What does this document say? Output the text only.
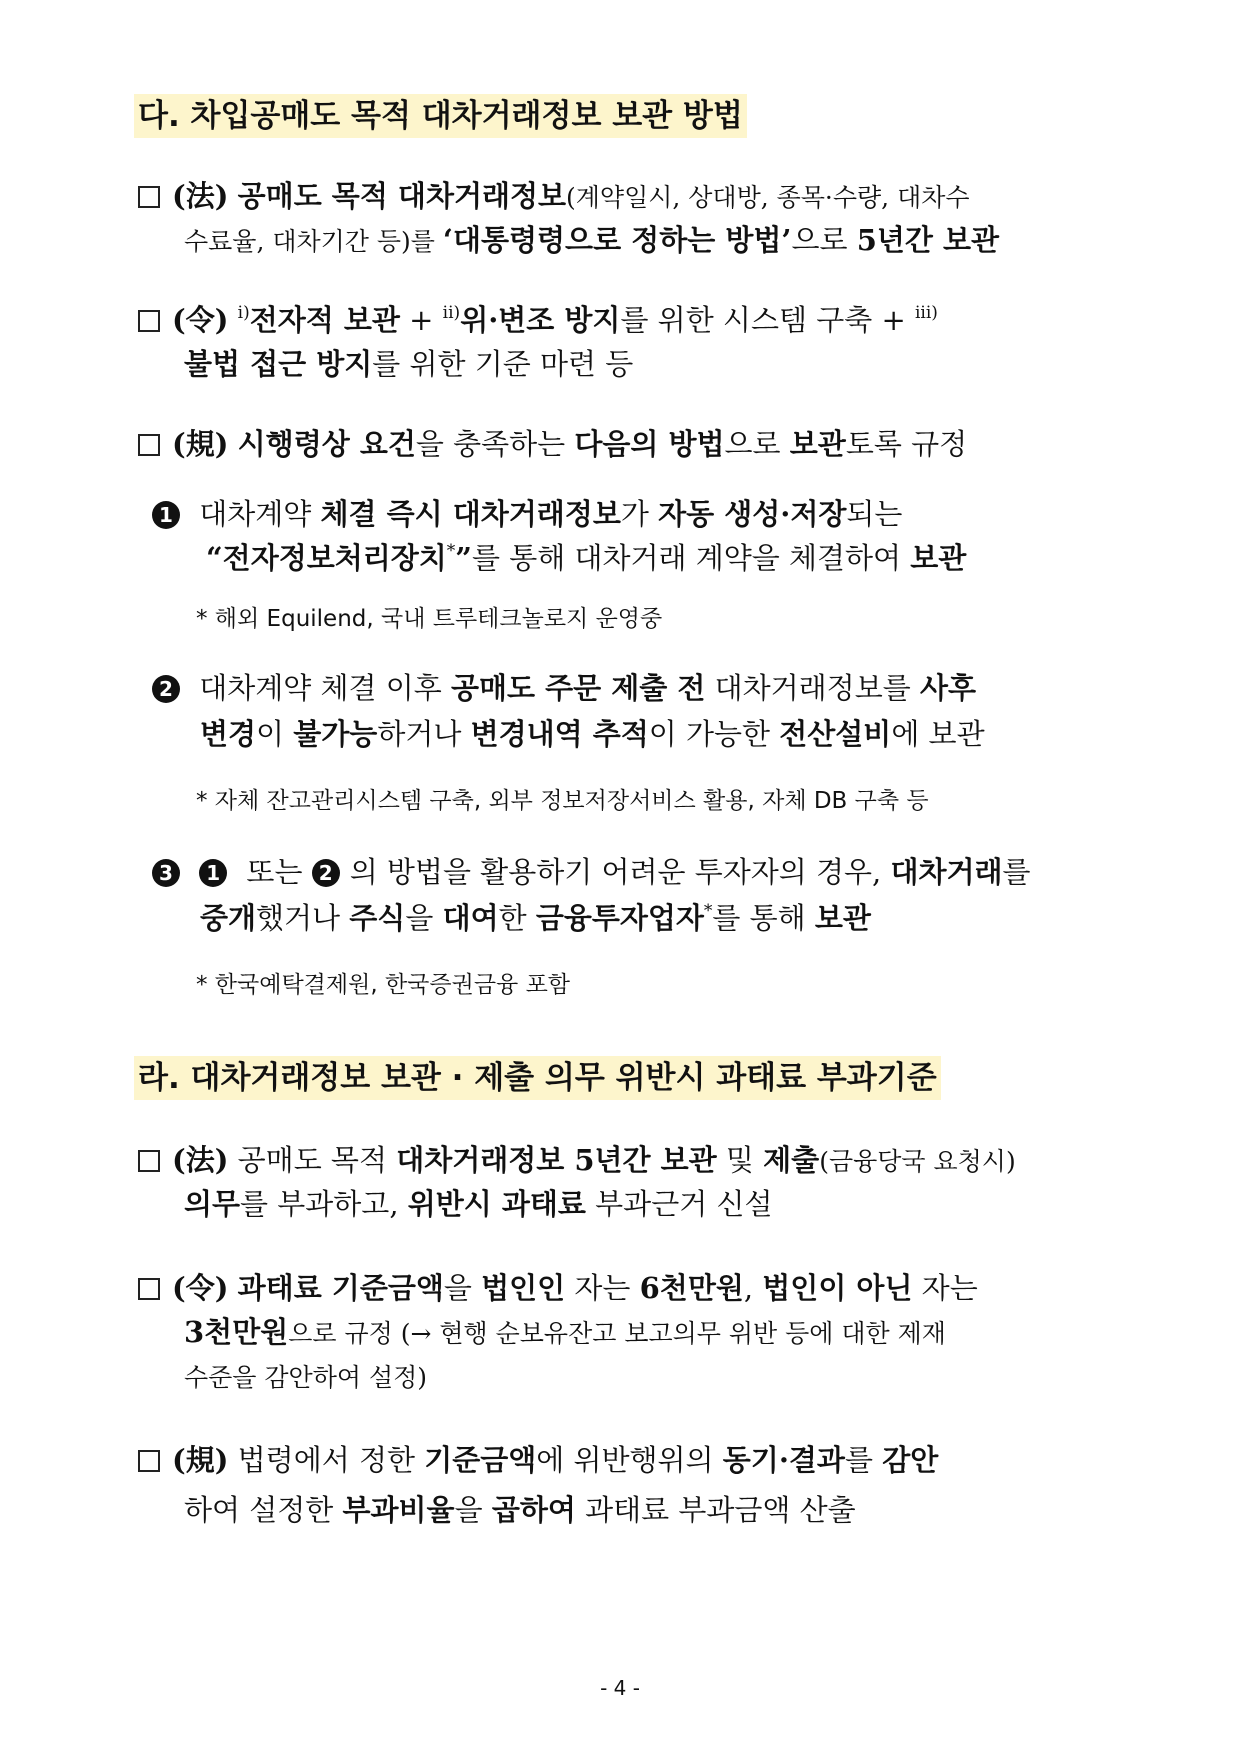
다. 차입공매도 목적 대차거래정보 보관 방법
(法) 공매도 목적 대차거래정보(계약일시, 상대방, 종목·수량, 대차수
수료율, 대차기간 등)를 ‘대통령령으로 정하는 방법’으로 5년간 보관
(令) $^{i)}$전자적 보관 + $^{ii)}$위·변조 방지를 위한 시스템 구축 + $^{iii)}$
불법 접근 방지를 위한 기준 마련 등
(規) 시행령상 요건을 충족하는 다음의 방법으로 보관토록 규정
1 대차계약 체결 즉시 대차거래정보가 자동 생성·저장되는
“전자정보처리장치*”를 통해 대차거래 계약을 체결하여 보관
* 해외 Equilend, 국내 트루테크놀로지 운영중
2 대차계약 체결 이후 공매도 주문 제출 전 대차거래정보를 사후
변경이 불가능하거나 변경내역 추적이 가능한 전산설비에 보관
* 자체 잔고관리시스템 구축, 외부 정보저장서비스 활용, 자체 DB 구축 등
3 1 또는 2 의 방법을 활용하기 어려운 투자자의 경우, 대차거래를
중개했거나 주식을 대여한 금융투자업자*를 통해 보관
* 한국예탁결제원, 한국증권금융 포함
라. 대차거래정보 보관 · 제출 의무 위반시 과태료 부과기준
(法) 공매도 목적 대차거래정보 5년간 보관 및 제출(금융당국 요청시)
의무를 부과하고, 위반시 과태료 부과근거 신설
(令) 과태료 기준금액을 법인인 자는 6천만원, 법인이 아닌 자는
3천만원으로 규정 (→ 현행 순보유잔고 보고의무 위반 등에 대한 제재
수준을 감안하여 설정)
(規) 법령에서 정한 기준금액에 위반행위의 동기·결과를 감안
하여 설정한 부과비율을 곱하여 과태료 부과금액 산출
- 4 -
